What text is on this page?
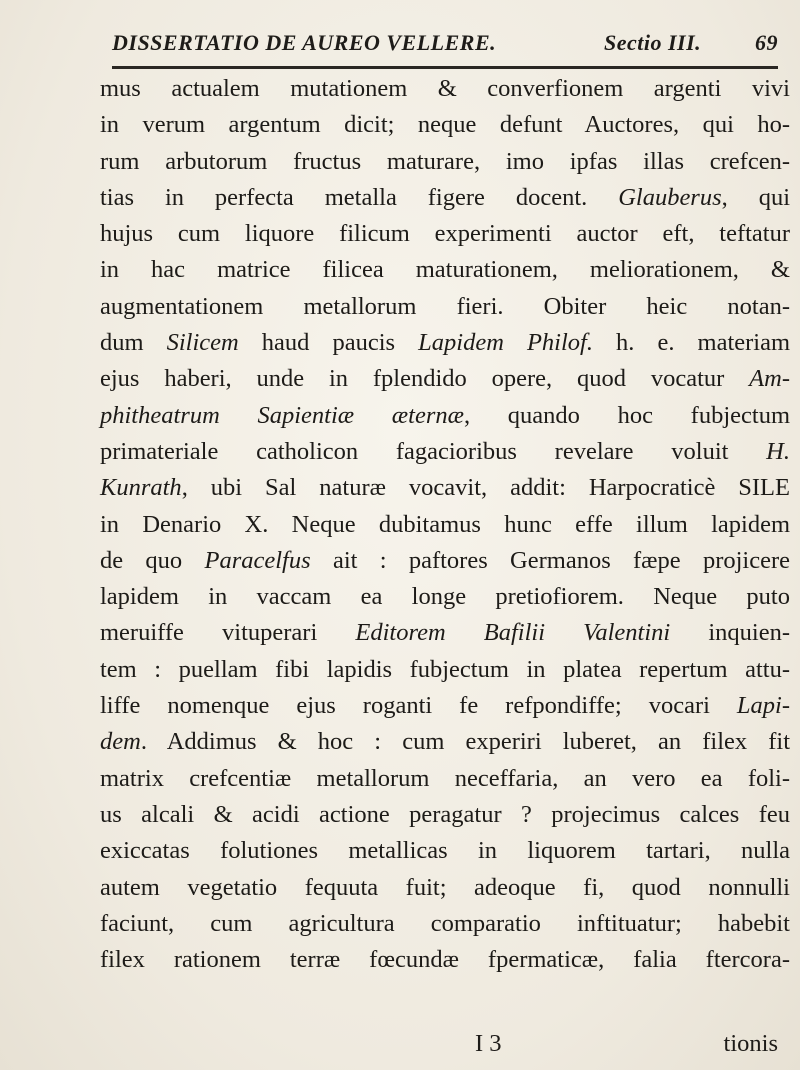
DISSERTATIO DE AUREO VELLERE.	Sectio III. 69
mus actualem mutationem & converfionem argenti vivi
in verum argentum dicit; neque defunt Auctores, qui ho-
rum arbutorum fructus maturare, imo ipfas illas crefcen-
tias in perfecta metalla figere docent. Glauberus, qui
hujus cum liquore filicum experimenti auctor eft, teftatur
in hac matrice filicea maturationem, meliorationem, &
augmentationem metallorum fieri. Obiter heic notan-
dum Silicem haud paucis Lapidem Philof. h. e. materiam
ejus haberi, unde in fplendido opere, quod vocatur Am-
phitheatrum Sapientiæ æternæ, quando hoc fubjectum
primateriale catholicon fagacioribus revelare voluit H.
Kunrath, ubi Sal naturæ vocavit, addit: Harpocraticè SILE
in Denario X. Neque dubitamus hunc effe illum lapidem
de quo Paracelfus ait : paftores Germanos fæpe projicere
lapidem in vaccam ea longe pretiofiorem. Neque puto
meruiffe vituperari Editorem Bafilii Valentini inquien-
tem : puellam fibi lapidis fubjectum in platea repertum attu-
liffe nomenque ejus roganti fe refpondiffe; vocari Lapi-
dem. Addimus & hoc : cum experiri luberet, an filex fit
matrix crefcentiæ metallorum neceffaria, an vero ea foli-
us alcali & acidi actione peragatur ? projecimus calces feu
exiccatas folutiones metallicas in liquorem tartari, nulla
autem vegetatio fequuta fuit; adeoque fi, quod nonnulli
faciunt, cum agricultura comparatio inftituatur; habebit
filex rationem terræ fœcundæ fpermaticæ, falia ftercora-
I 3	tionis
